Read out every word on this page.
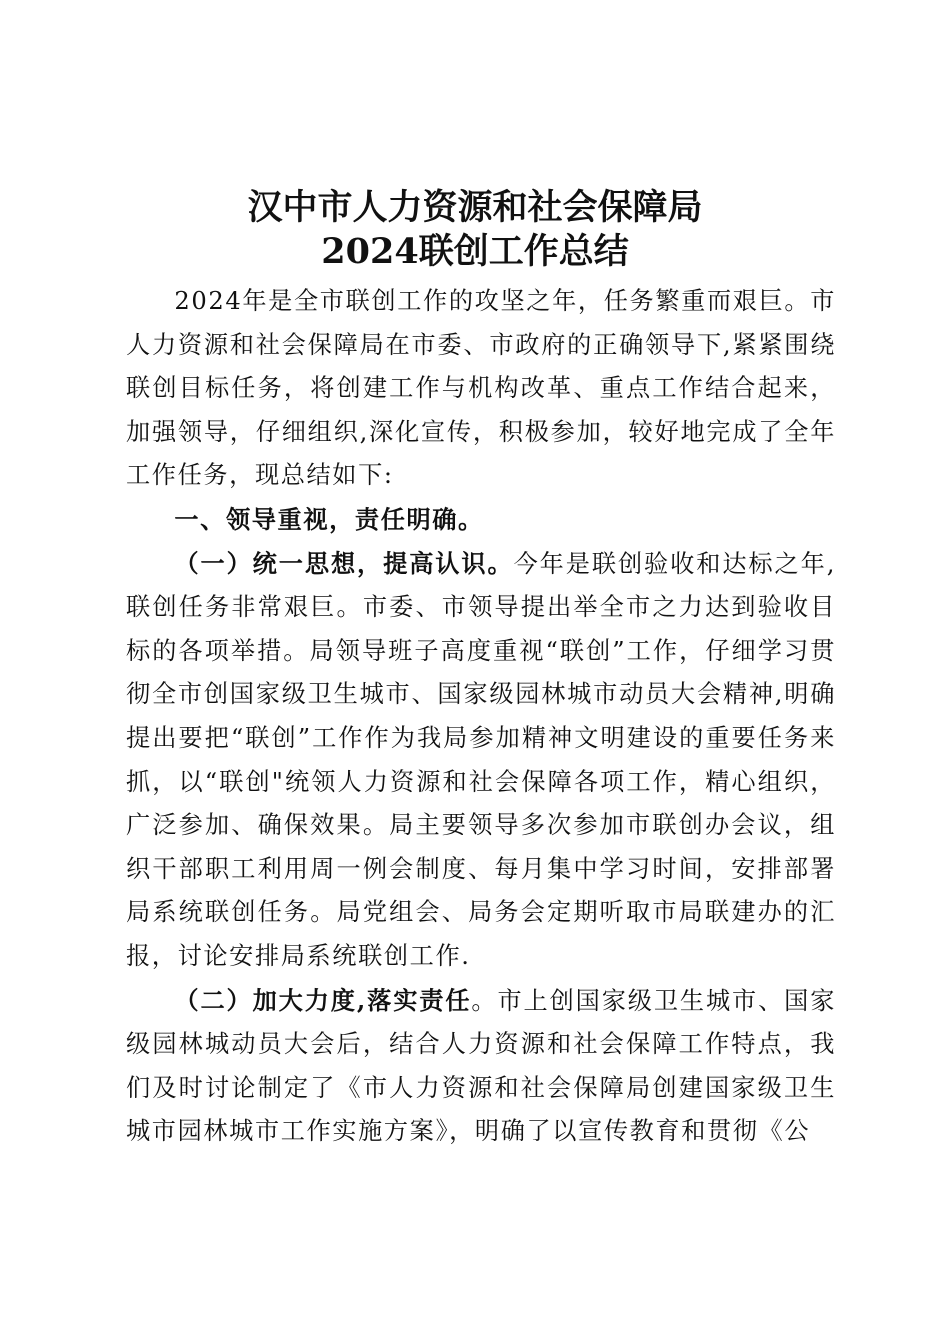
汉中市人力资源和社会保障局
2024联创工作总结

2024年是全市联创工作的攻坚之年，任务繁重而艰巨。市人力资源和社会保障局在市委、市政府的正确领导下,紧紧围绕联创目标任务，将创建工作与机构改革、重点工作结合起来，加强领导，仔细组织,深化宣传，积极参加，较好地完成了全年工作任务，现总结如下:

一、领导重视，责任明确。

（一）统一思想，提高认识。今年是联创验收和达标之年,联创任务非常艰巨。市委、市领导提出举全市之力达到验收目标的各项举措。局领导班子高度重视“联创”工作，仔细学习贯彻全市创国家级卫生城市、国家级园林城市动员大会精神,明确提出要把“联创”工作作为我局参加精神文明建设的重要任务来抓，以“联创"统领人力资源和社会保障各项工作，精心组织，广泛参加、确保效果。局主要领导多次参加市联创办会议，组织干部职工利用周一例会制度、每月集中学习时间，安排部署局系统联创任务。局党组会、局务会定期听取市局联建办的汇报，讨论安排局系统联创工作.

（二）加大力度,落实责任。市上创国家级卫生城市、国家级园林城动员大会后，结合人力资源和社会保障工作特点，我们及时讨论制定了《市人力资源和社会保障局创建国家级卫生城市园林城市工作实施方案》，明确了以宣传教育和贯彻《公
